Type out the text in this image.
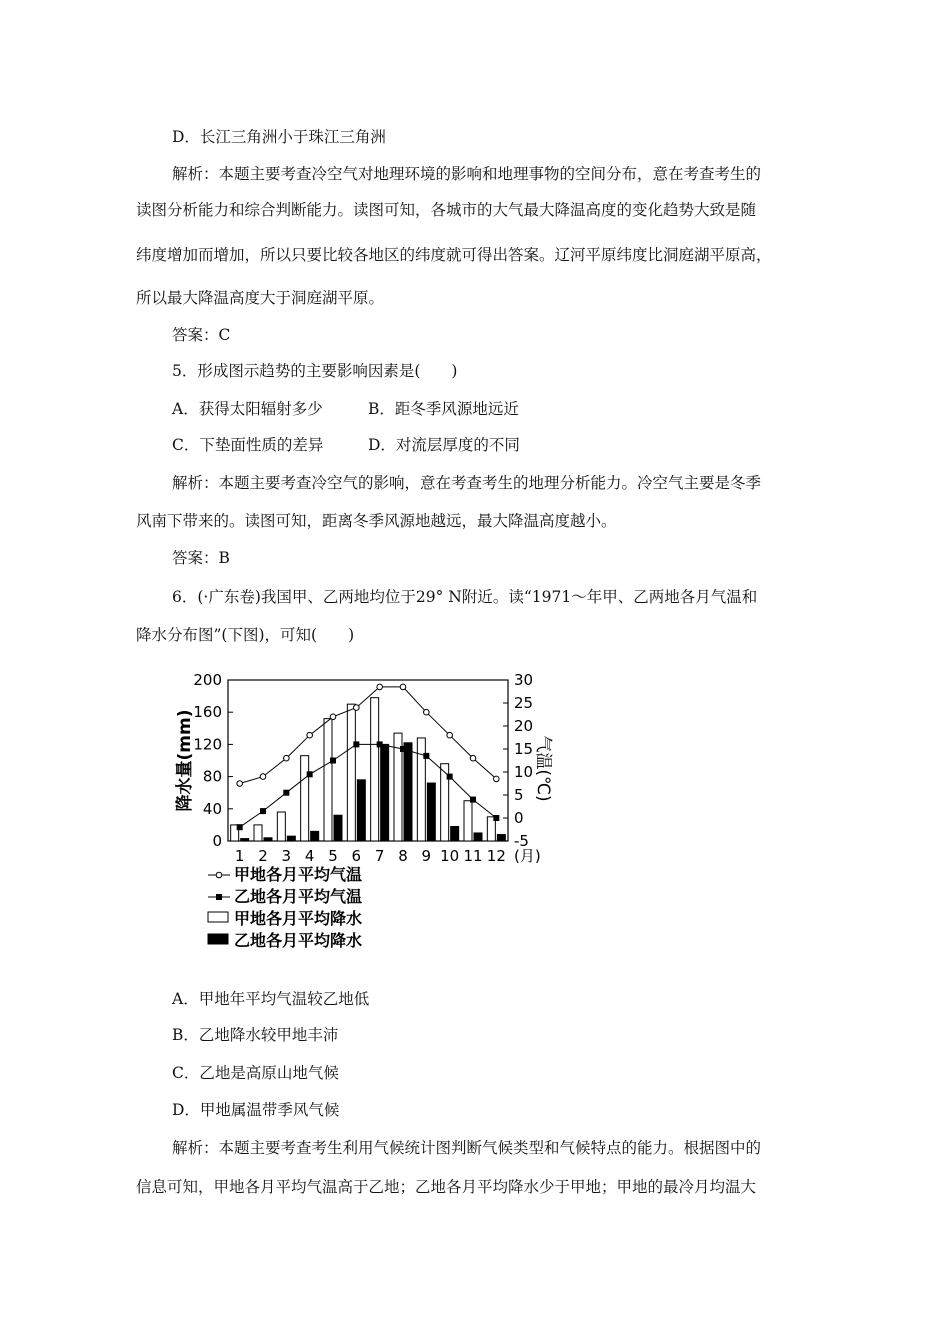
D．长江三角洲小于珠江三角洲
解析：本题主要考查冷空气对地理环境的影响和地理事物的空间分布，意在考查考生的
读图分析能力和综合判断能力。读图可知，各城市的大气最大降温高度的变化趋势大致是随
纬度增加而增加，所以只要比较各地区的纬度就可得出答案。辽河平原纬度比洞庭湖平原高，
所以最大降温高度大于洞庭湖平原。
答案：C
5．形成图示趋势的主要影响因素是(　　)
A．获得太阳辐射多少	B．距冬季风源地远近
C．下垫面性质的差异	D．对流层厚度的不同
解析：本题主要考查冷空气的影响，意在考查考生的地理分析能力。冷空气主要是冬季
风南下带来的。读图可知，距离冬季风源地越远，最大降温高度越小。
答案：B
6．(·广东卷)我国甲、乙两地均位于29° N附近。读“1971～年甲、乙两地各月气温和
降水分布图”(下图)，可知(　　)
200
160
120
80
40
0
30
25
20
15
10
5
0
-5
1 2 3 4 5 6 7 8 9 10 11 12 (月)
降水量(mm)	气温(℃)
甲地各月平均气温
乙地各月平均气温
甲地各月平均降水
乙地各月平均降水
A．甲地年平均气温较乙地低
B．乙地降水较甲地丰沛
C．乙地是高原山地气候
D．甲地属温带季风气候
解析：本题主要考查考生利用气候统计图判断气候类型和气候特点的能力。根据图中的
信息可知，甲地各月平均气温高于乙地；乙地各月平均降水少于甲地；甲地的最冷月均温大
